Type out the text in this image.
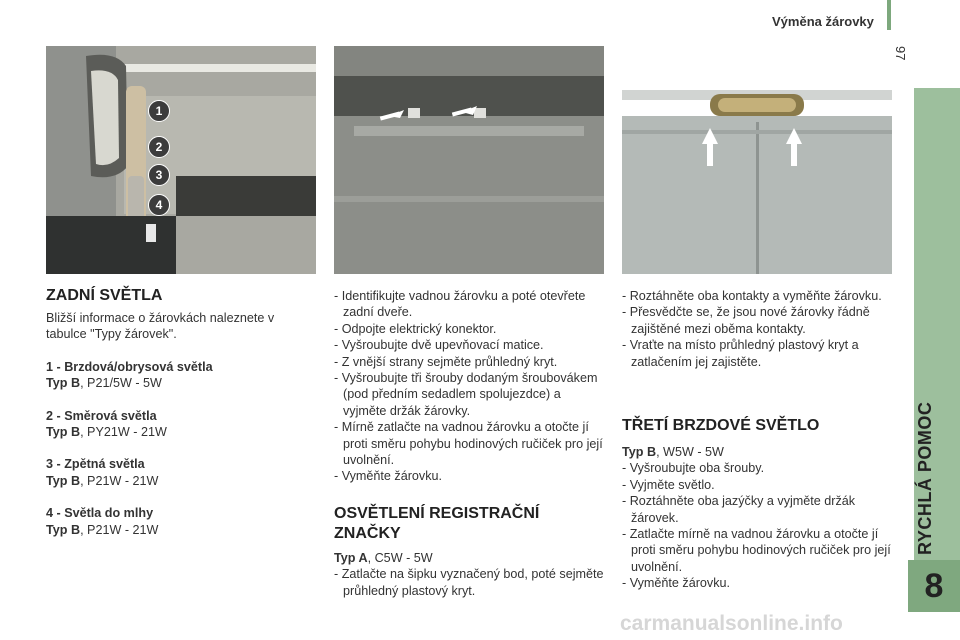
Výměna žárovky
97
RYCHLÁ POMOC
8
1
2
3
4
ZADNÍ SVĚTLA

Bližší informace o žárovkách naleznete v tabulce "Typy žárovek".

1 - Brzdová/obrysová světla

Typ B, P21/5W - 5W

2 - Směrová světla

Typ B, PY21W - 21W

3 - Zpětná světla

Typ B, P21W - 21W

4 - Světla do mlhy

Typ B, P21W - 21W

- Identifikujte vadnou žárovku a poté otevřete zadní dveře.
- Odpojte elektrický konektor.
- Vyšroubujte dvě upevňovací matice.
- Z vnější strany sejměte průhledný kryt.
- Vyšroubujte tři šrouby dodaným šroubovákem (pod předním sedadlem spolujezdce) a vyjměte držák žárovky.
- Mírně zatlačte na vadnou žárovku a otočte jí proti směru pohybu hodinových ručiček pro její uvolnění.
- Vyměňte žárovku.
OSVĚTLENÍ REGISTRAČNÍ ZNAČKY

Typ A, C5W - 5W

- Zatlačte na šipku vyznačený bod, poté sejměte průhledný plastový kryt.
- Roztáhněte oba kontakty a vyměňte žárovku.
- Přesvědčte se, že jsou nové žárovky řádně zajištěné mezi oběma kontakty.
- Vraťte na místo průhledný plastový kryt a zatlačením jej zajistěte.
TŘETÍ BRZDOVÉ SVĚTLO

Typ B, W5W - 5W

- Vyšroubujte oba šrouby.
- Vyjměte světlo.
- Roztáhněte oba jazýčky a vyjměte držák žárovek.
- Zatlačte mírně na vadnou žárovku a otočte jí proti směru pohybu hodinových ručiček pro její uvolnění.
- Vyměňte žárovku.
carmanualsonline.info
